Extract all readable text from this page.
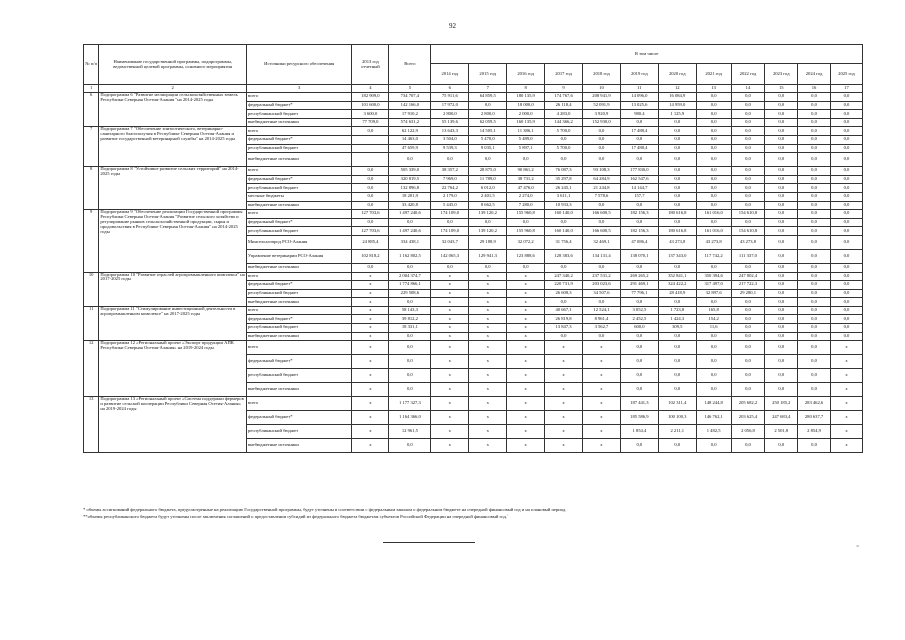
92
№ п/п	Наименование государственной программы, подпрограммы, ведомственной целевой программы, основного мероприятия	Источники ресурсного обеспечения	2013 год отчетный	Всего	В том числе											
					2014 год	2015 год	2016 год	2017 год	2018 год	2019 год	2020 год	2021 год	2022 год	2023 год	2024 год	2025 год
1	2	3	4	5	6	7	8	9	10	11	12	13	14	15	16	17
6	Подпрограмма 6 "Развитие мелиорации сельскохозяйственных земель Республики Северная Осетия-Алания "на 2014-2025 годы	всего	182 909,0	734 707,4	75 911,6	64 859,5	180 135,9	174 767,6	208 941,9	14 096,0	16 084,9	0,0	0,0	0,0	0,0	0,0
		федеральный бюджет*	101 600,0	142 166,0	17 972,0	0,0	18 000,0	26 118,4	52 091,9	13 025,6	14 959,0	0,0	0,0	0,0	0,0	0,0
		республиканский бюджет	3 600,0	17 910,2	2 800,0	2 800,0	2 000,0	4 283,0	3 920,9	980,4	1 125,9	0,0	0,0	0,0	0,0	0,0
		внебюджетные источники	77 709,0	574 631,2	55 139,6	62 059,5	160 135,9	144 366,2	152 930,0	0,0	0,0	0,0	0,0	0,0	0,0	0,0
7	Подпрограмма 7 "Обеспечение эпизоотического, ветеринарно-санитарного благополучия в Республике Северная Осетия-Алания и развитие государственной ветеринарной службы" на 2014-2025 годы	всего	0,0	62 122,9	13 643,3	14 505,1	11 386,1	5 700,0	0,0	17 488,4	0,0	0,0	0,0	0,0	0,0	0,0
		федеральный бюджет*		14 463,0	3 504,0	5 470,0	5 489,0	0,0	0,0	0,0	0,0	0,0	0,0	0,0	0,0	0,0
		республиканский бюджет		47 659,9	9 539,3	9 035,1	5 897,1	5 700,0	0,0	17 488,4	0,0	0,0	0,0	0,0	0,0	0,0
		внебюджетные источники		0,0	0,0	0,0	0,0	0,0	0,0	0,0	0,0	0,0	0,0	0,0	0,0	0,0
8	Подпрограмма 8 "Устойчивое развитие сельских территорий" на 2014-2025 годы	всего	0,0	505 339,0	38 357,2	28 875,0	90 861,2	76 087,3	93 108,3	177 830,0	0,0	0,0	0,0	0,0	0,0	0,0
		федеральный бюджет*	0,0	320 819,5	7 969,0	11 789,0	38 731,2	35 297,8	64 284,9	162 547,6	0,0	0,0	0,0	0,0	0,0	0,0
		республиканский бюджет	0,0	132 896,8	22 764,2	6 012,0	47 476,0	26 245,1	21 244,8	14 144,7	0,0	0,0	0,0	0,0	0,0	0,0
		местные бюджеты	0,0	18 201,9	2 179,0	2 401,5	2 274,0	3 611,1	7 578,6	157,7	0,0	0,0	0,0	0,0	0,0	0,0
		внебюджетные источники	0,0	33 420,8	5 445,0	8 662,5	7 280,0	10 933,3	0,0	0,0	0,0	0,0	0,0	0,0	0,0	0,0
9	Подпрограмма 9 "Обеспечение реализации Государственной программы Республики Северная Осетия-Алания "Развитие сельского хозяйства и регулирование рынков сельскохозяйственной продукции, сырья и продовольствия в Республике Северная Осетия-Алания" на 2014-2025 годы	всего	127 703,6	1 497 240,6	174 109,0	139 120,2	155 960,8	160 140,0	166 600,5	182 156,3	180 616,8	161 016,0	154 610,8	0,0	0,0	0,0
		федеральный бюджет*	0,0	0,0	0,0	0,0	0,0	0,0	0,0	0,0	0,0	0,0	0,0	0,0	0,0	0,0
		республиканский бюджет	127 703,6	1 497 240,6	174 109,0	139 120,2	155 960,8	160 140,0	166 600,5	182 156,3	180 616,8	161 016,0	154 610,8	0,0	0,0	0,0
		Минсельхозпрод РСО-Алания	24 885,4	334 438,1	32 043,7	29 188,9	32 072,2	31 756,4	32 469,1	47 086,4	43 273,8	43 273,8	43 273,8	0,0	0,0	0,0
		Управление ветеринарии РСО-Алания	102 818,2	1 162 802,5	142 065,3	129 941,3	123 888,6	128 383,6	134 131,4	138 070,1	137 343,0	117 742,2	111 337,0	0,0	0,0	0,0
		внебюджетные источники	0,0	0,0	0,0	0,0	0,0	0,0	0,0	0,0	0,0	0,0	0,0	0,0	0,0	0,0
10	Подпрограмма 10 "Развитие отраслей агропромышленного комплекса" на 2017-2025 годы	всего	x	2 004 374,7	x	x	x	247 340,2	237 531,2	269 265,2	352 841,1	350 394,6	247 002,4	0,0	0,0	0,0
		федеральный бюджет*	x	1 774 866,1	x	x	x	220 731,9	203 023,6	291 469,1	324 422,2	317 497,0	217 722,3	0,0	0,0	0,0
		республиканский бюджет	x	229 508,6	x	x	x	26 608,3	34 507,6	77 796,1	28 418,9	32 897,6	29 280,1	0,0	0,0	0,0
		внебюджетные источники	x	0,0	x	x	x	0,0	0,0	0,0	0,0	0,0	0,0	0,0	0,0	0,0
11	Подпрограмма 11 "Стимулирование инвестиционной деятельности в агропромышленном комплексе" на 2017-2025 годы	всего	x	58 143,3	x	x	x	40 667,1	12 524,1	3 052,5	1 723,8	165,8	0,0	0,0	0,0	0,0
		федеральный бюджет*	x	39 812,2	x	x	x	26 819,8	8 961,4	2 452,5	1 424,3	154,2	0,0	0,0	0,0	0,0
		республиканский бюджет	x	18 331,1	x	x	x	13 847,3	3 562,7	600,0	309,5	11,6	0,0	0,0	0,0	0,0
		внебюджетные источники	x	0,0	x	x	x	0,0	0,0	0,0	0,0	0,0	0,0	0,0	0,0	0,0
12	Подпрограмма 12 «Региональный проект «Экспорт продукции АПК Республики Северная Осетия-Алания» на 2019-2024 годы	всего	x	0,0	x	x	x	x	x	0,0	0,0	0,0	0,0	0,0	0,0	x
		федеральный бюджет*	x	0,0	x	x	x	x	x	0,0	0,0	0,0	0,0	0,0	0,0	x
		республиканский бюджет	x	0,0	x	x	x	x	x	0,0	0,0	0,0	0,0	0,0	0,0	x
		внебюджетные источники	x	0,0	x	x	x	x	x	0,0	0,0	0,0	0,0	0,0	0,0	x
13	Подпрограмма 13 «Региональный проект «Система поддержки фермеров и развитие сельской кооперации Республики Северная Осетия-Алания» на 2019-2024 годы	всего	x	1 177 327,3	x	x	x	x	x	187 441,3	102 311,4	148 244,8	205 682,2	250 185,2	283 462,6	x
		федеральный бюджет*	x	1 164 366,0	x	x	x	x	x	185 586,9	100 100,3	146 762,1	203 625,4	247 683,4	280 637,7	x
		республиканский бюджет	x	12 961,5	x	x	x	x	x	1 854,4	2 211,1	1 482,5	2 056,8	2 501,8	2 854,9	x
		внебюджетные источники	x	0,0	x	x	x	x	x	0,0	0,0	0,0	0,0	0,0	0,0	x
* объемы ассигнований федерального бюджета, предусмотренные на реализацию Государственной программы, будут уточнены в соответствии с федеральным законом о федеральном бюджете на очередной финансовый год и на плановый период.
**объемы республиканского бюджета будут уточнены после заключения соглашений о предоставлении субсидий из федерального бюджета бюджетам субъектов Российской Федерации на очередной финансовый год.`
3i
